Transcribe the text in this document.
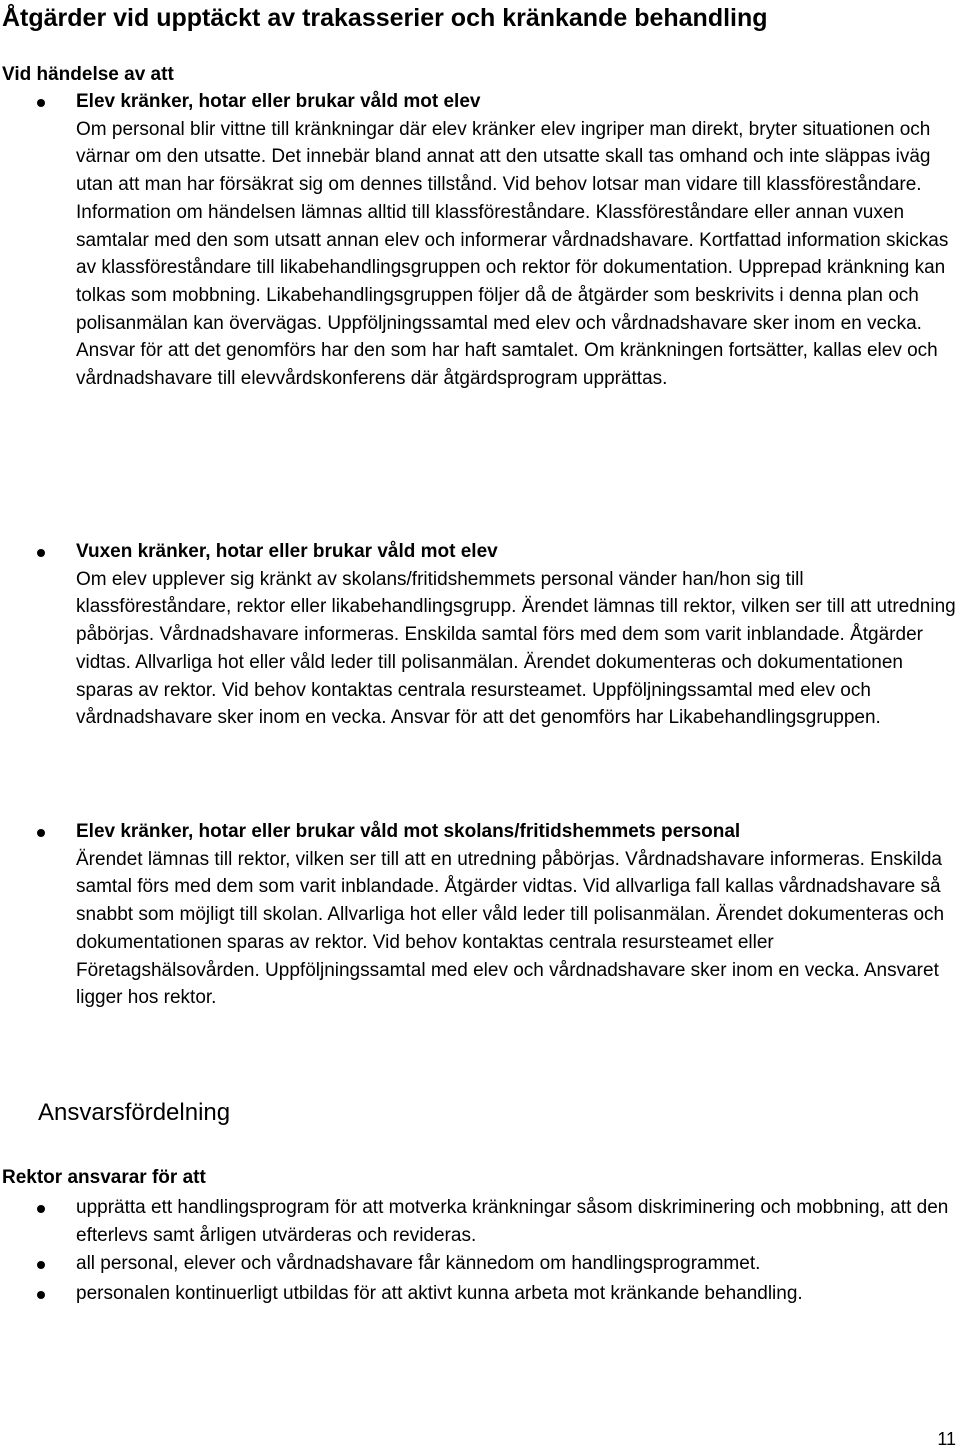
Åtgärder vid upptäckt av trakasserier och kränkande behandling
Vid händelse av att
Elev kränker, hotar eller brukar våld mot elev
Om personal blir vittne till kränkningar där elev kränker elev ingriper man direkt, bryter situationen och värnar om den utsatte. Det innebär bland annat att den utsatte skall tas omhand och inte släppas iväg utan att man har försäkrat sig om dennes tillstånd. Vid behov lotsar man vidare till klassföreståndare. Information om händelsen lämnas alltid till klassföreståndare. Klassföreståndare eller annan vuxen samtalar med den som utsatt annan elev och informerar vårdnadshavare. Kortfattad information skickas av klassföreståndare till likabehandlingsgruppen och rektor för dokumentation. Upprepad kränkning kan tolkas som mobbning. Likabehandlingsgruppen följer då de åtgärder som beskrivits i denna plan och polisanmälan kan övervägas. Uppföljningssamtal med elev och vårdnadshavare sker inom en vecka. Ansvar för att det genomförs har den som har haft samtalet. Om kränkningen fortsätter, kallas elev och vårdnadshavare till elevvårdskonferens där åtgärdsprogram upprättas.
Vuxen kränker, hotar eller brukar våld mot elev
Om elev upplever sig kränkt av skolans/fritidshemmets personal vänder han/hon sig till klassföreståndare, rektor eller likabehandlingsgrupp. Ärendet lämnas till rektor, vilken ser till att utredning påbörjas. Vårdnadshavare informeras. Enskilda samtal förs med dem som varit inblandade. Åtgärder vidtas. Allvarliga hot eller våld leder till polisanmälan. Ärendet dokumenteras och dokumentationen sparas av rektor. Vid behov kontaktas centrala resursteamet. Uppföljningssamtal med elev och vårdnadshavare sker inom en vecka. Ansvar för att det genomförs har Likabehandlingsgruppen.
Elev kränker, hotar eller brukar våld mot skolans/fritidshemmets personal
Ärendet lämnas till rektor, vilken ser till att en utredning påbörjas. Vårdnadshavare informeras. Enskilda samtal förs med dem som varit inblandade. Åtgärder vidtas. Vid allvarliga fall kallas vårdnadshavare så snabbt som möjligt till skolan. Allvarliga hot eller våld leder till polisanmälan. Ärendet dokumenteras och dokumentationen sparas av rektor. Vid behov kontaktas centrala resursteamet eller Företagshälsovården. Uppföljningssamtal med elev och vårdnadshavare sker inom en vecka. Ansvaret ligger hos rektor.
Ansvarsfördelning
Rektor ansvarar för att
upprätta ett handlingsprogram för att motverka kränkningar såsom diskriminering och mobbning, att den efterlevs samt årligen utvärderas och revideras.
all personal, elever och vårdnadshavare får kännedom om handlingsprogrammet.
personalen kontinuerligt utbildas för att aktivt kunna arbeta mot kränkande behandling.
11
